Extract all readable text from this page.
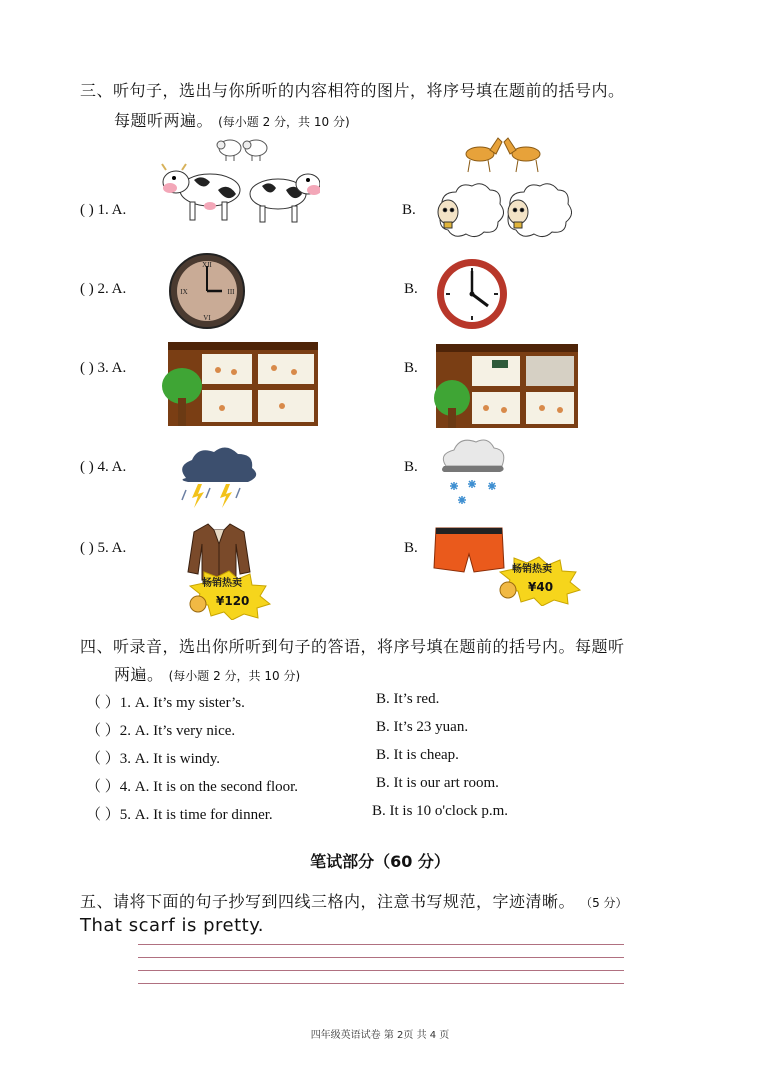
三、听句子，选出与你所听的内容相符的图片，将序号填在题前的括号内。
每题听两遍。 (每小题 2 分，共 10 分)
( ) 1. A.	B.
( ) 2. A.	B.
XII
III
VI
IX
( ) 3. A.	B.
( ) 4. A.	B.
( ) 5. A.	B.
畅销热卖
¥120
畅销热卖
¥40
四、听录音，选出你所听到句子的答语，将序号填在题前的括号内。每题听
两遍。 (每小题 2 分，共 10 分)
（ ）1. A. It’s my sister’s.	B. It’s red.
（ ）2. A. It’s very nice.	B. It’s 23 yuan.
（ ）3. A. It is windy.	B. It is cheap.
（ ）4. A. It is on the second floor.	B. It is our art room.
（ ）5. A. It is time for dinner.	B. It is 10 o'clock p.m.
笔试部分（60 分）
五、请将下面的句子抄写到四线三格内，注意书写规范，字迹清晰。 （5 分）
That scarf is pretty.
四年级英语试卷 第 2页 共 4 页
